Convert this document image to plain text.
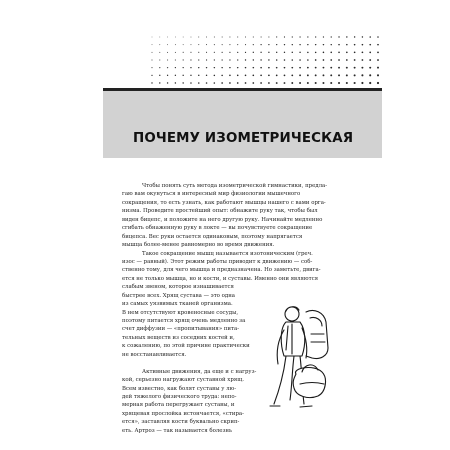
ПОЧЕМУ ИЗОМЕТРИЧЕСКАЯ

Чтобы понять суть метода изометрической гимнастики, предла-
гаю вам окунуться в интересный мир физиологии мышечного
сокращения, то есть узнать, как работают мышцы нашего с вами орга-
низма. Проведите простейший опыт: обнажите руку так, чтобы был
виден бицепс, и положите на него другую руку. Начинайте медленно
сгибать обнаженную руку в локте — вы почувствуете сокращение
бицепса. Вес руки остается одинаковым, поэтому напрягается
мышца более-менее равномерно во время движения.

Такое сокращение мышц называется изотоническим (греч.
изос — равный). Этот режим работы приводит к движению — соб-
ственно тому, для чего мышца и предназначена. Но заметьте, двига-
ется не только мышца, но и кости, и суставы. Именно они являются
слабым звеном, которое изнашивается
быстрее всех. Хрящ сустава — это одна
из самых уязвимых тканей организма.
В нем отсутствуют кровеносные сосуды,
поэтому питается хрящ очень медленно за
счет диффузии — «пропитывания» пита-
тельных веществ из соседних костей и,
к сожалению, по этой причине практически
не восстанавливается.

Активные движения, да еще и с нагруз-
кой, серьезно нагружают суставной хрящ.
Всем известно, как болят суставы у лю-
дей тяжелого физического труда: непо-
мерная работа перегружает суставы, и
хрящевая прослойка истончается, «стира-
ется», заставляя кости буквально скрип-
еть. Артроз — так называется болезнь
